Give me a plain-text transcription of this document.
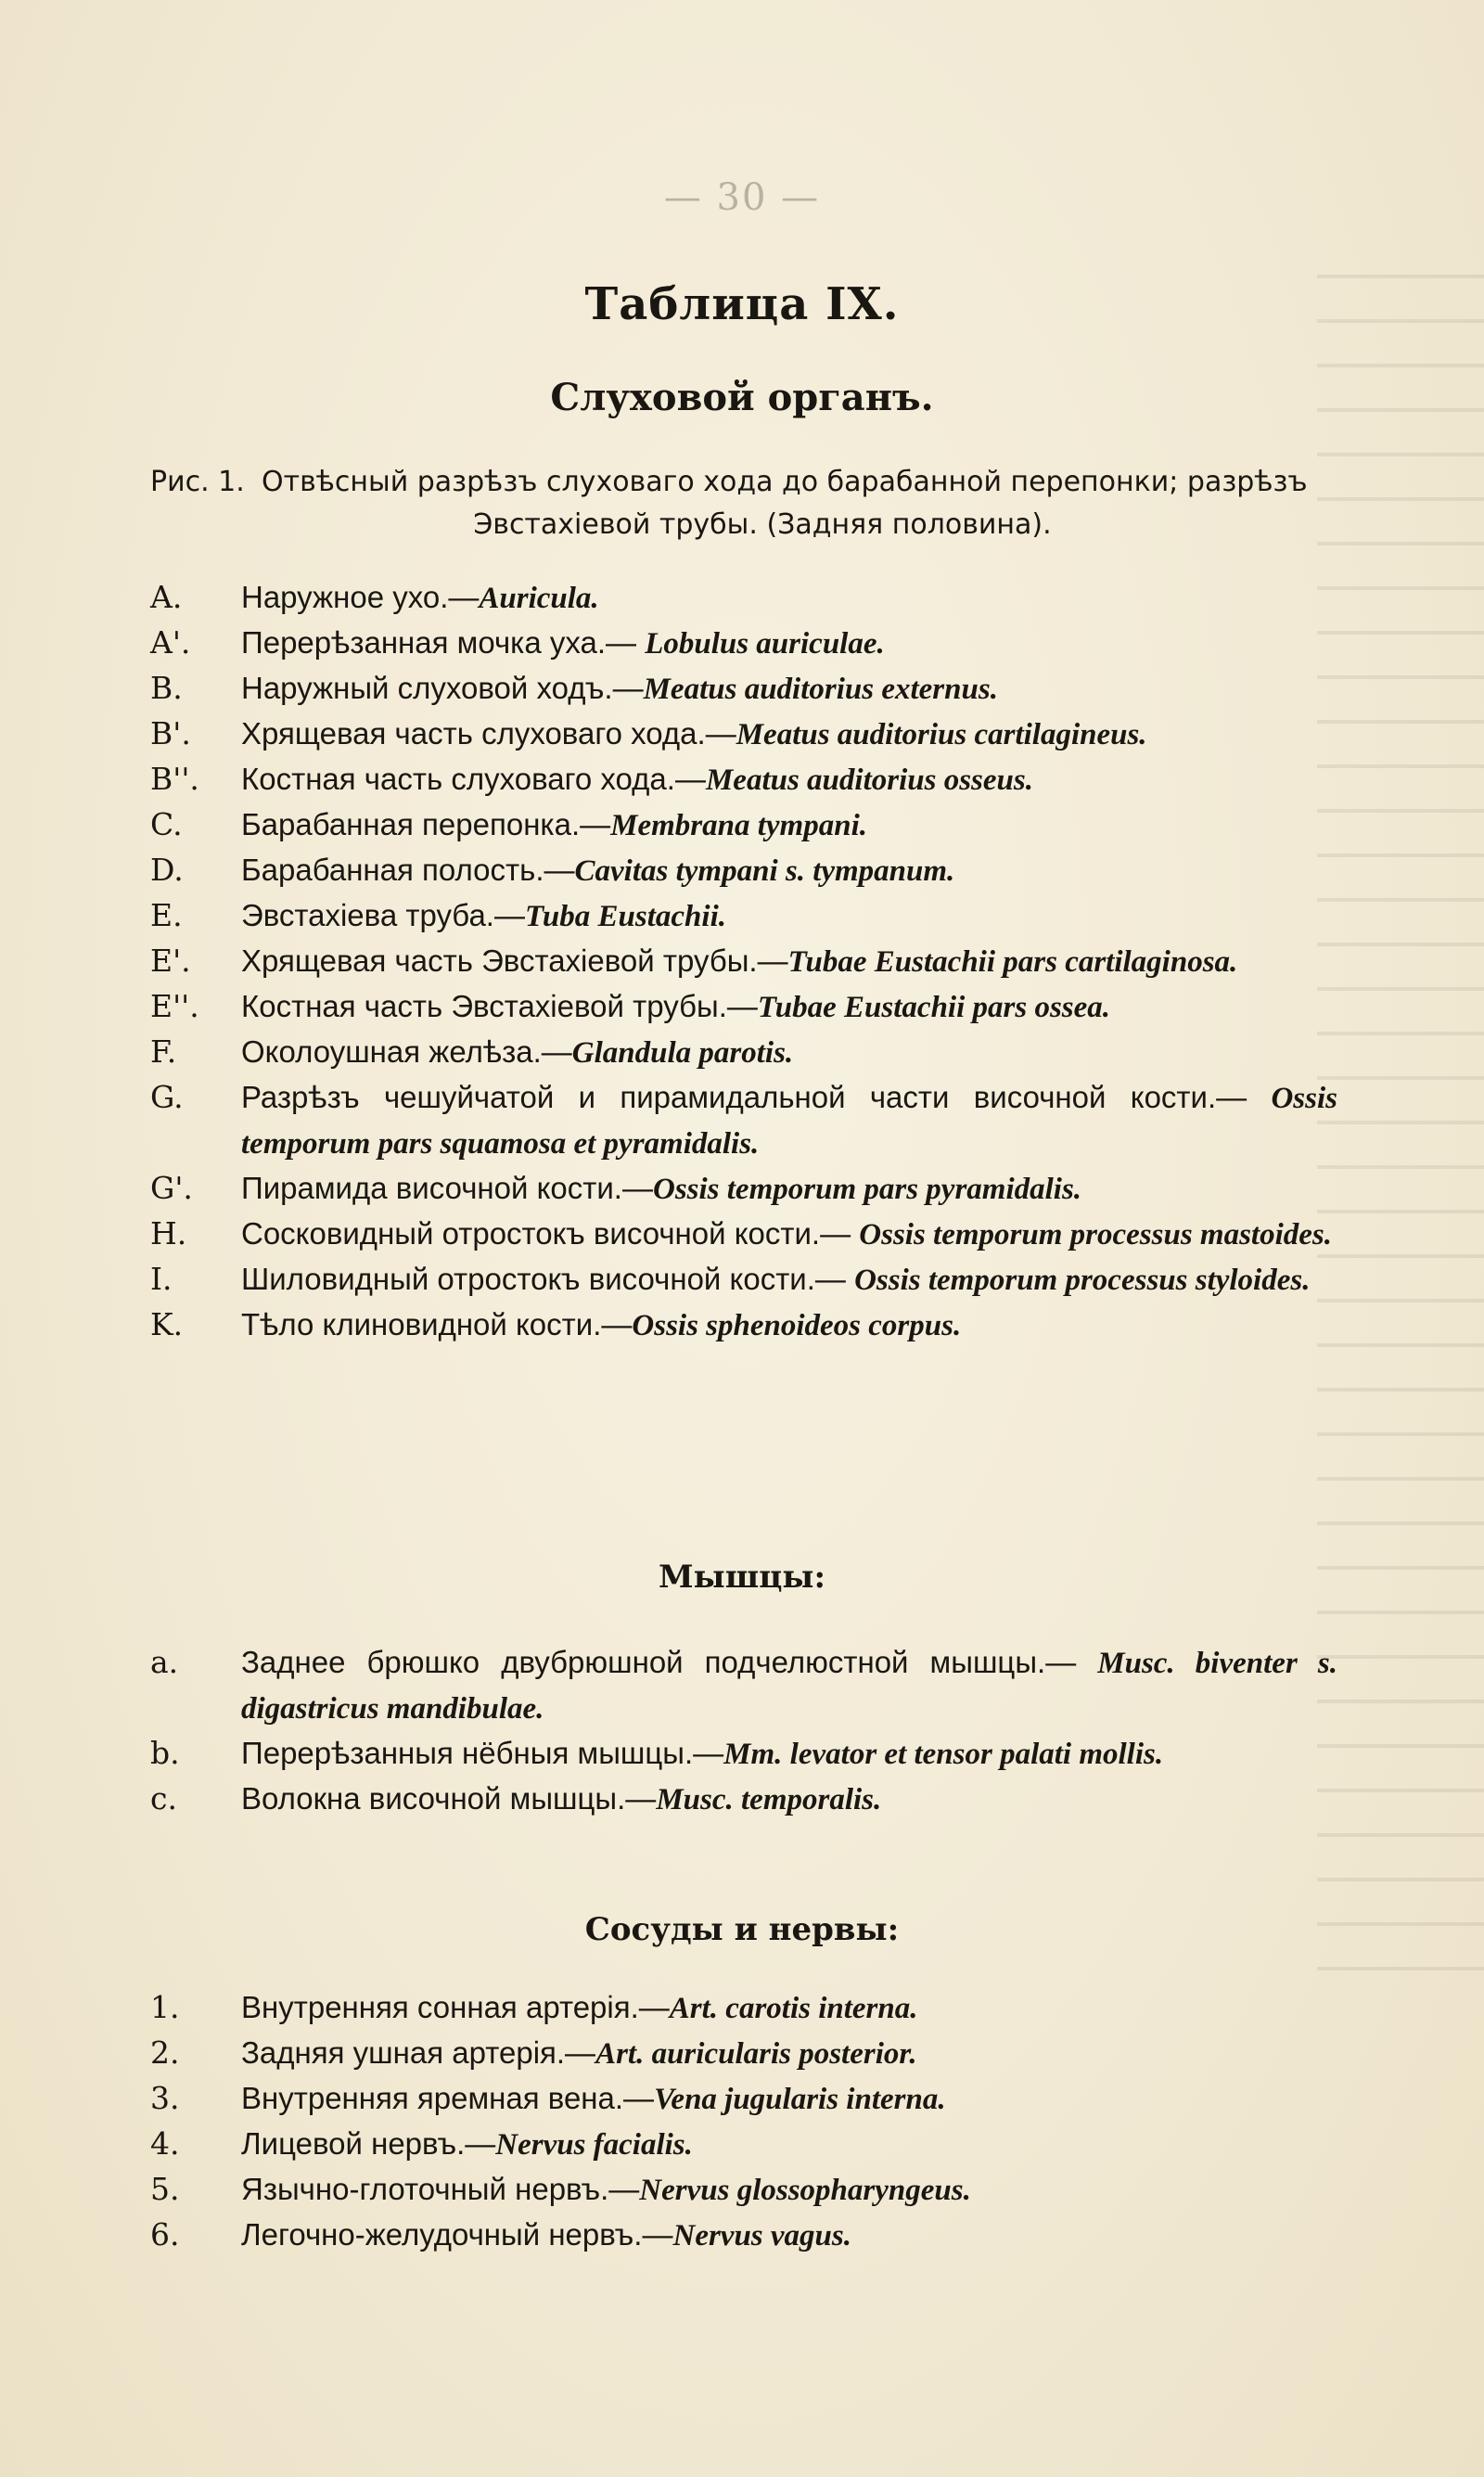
— 30 —
Таблица IX.
Слуховой органъ.
Рис. 1. Отвѣсный разрѣзъ слуховаго хода до барабанной перепонки; разрѣзъ
Эвстахіевой трубы. (Задняя половина).
A.	Наружное ухо.—Auricula.
A'.	Перерѣзанная мочка уха.— Lobulus auriculae.
B.	Наружный слуховой ходъ.—Meatus auditorius externus.
B'.	Хрящевая часть слуховаго хода.—Meatus auditorius cartilagineus.
B''.	Костная часть слуховаго хода.—Meatus auditorius osseus.
C.	Барабанная перепонка.—Membrana tympani.
D.	Барабанная полость.—Cavitas tympani s. tympanum.
E.	Эвстахіева труба.—Tuba Eustachii.
E'.	Хрящевая часть Эвстахіевой трубы.—Tubae Eustachii pars cartilaginosa.
E''.	Костная часть Эвстахіевой трубы.—Tubae Eustachii pars ossea.
F.	Околоушная желѣза.—Glandula parotis.
G.	Разрѣзъ чешуйчатой и пирамидальной части височной кости.— Ossis temporum pars squamosa et pyramidalis.
G'.	Пирамида височной кости.—Ossis temporum pars pyramidalis.
H.	Сосковидный отростокъ височной кости.— Ossis temporum processus mastoides.
I.	Шиловидный отростокъ височной кости.— Ossis temporum processus styloides.
K.	Тѣло клиновидной кости.—Ossis sphenoideos corpus.
Мышцы:
a.	Заднее брюшко двубрюшной подчелюстной мышцы.— Musc. biventer s. digastricus mandibulae.
b.	Перерѣзанныя нёбныя мышцы.—Mm. levator et tensor palati mollis.
c.	Волокна височной мышцы.—Musc. temporalis.
Сосуды и нервы:
1.	Внутренняя сонная артерія.—Art. carotis interna.
2.	Задняя ушная артерія.—Art. auricularis posterior.
3.	Внутренняя яремная вена.—Vena jugularis interna.
4.	Лицевой нервъ.—Nervus facialis.
5.	Язычно-глоточный нервъ.—Nervus glossopharyngeus.
6.	Легочно-желудочный нервъ.—Nervus vagus.
